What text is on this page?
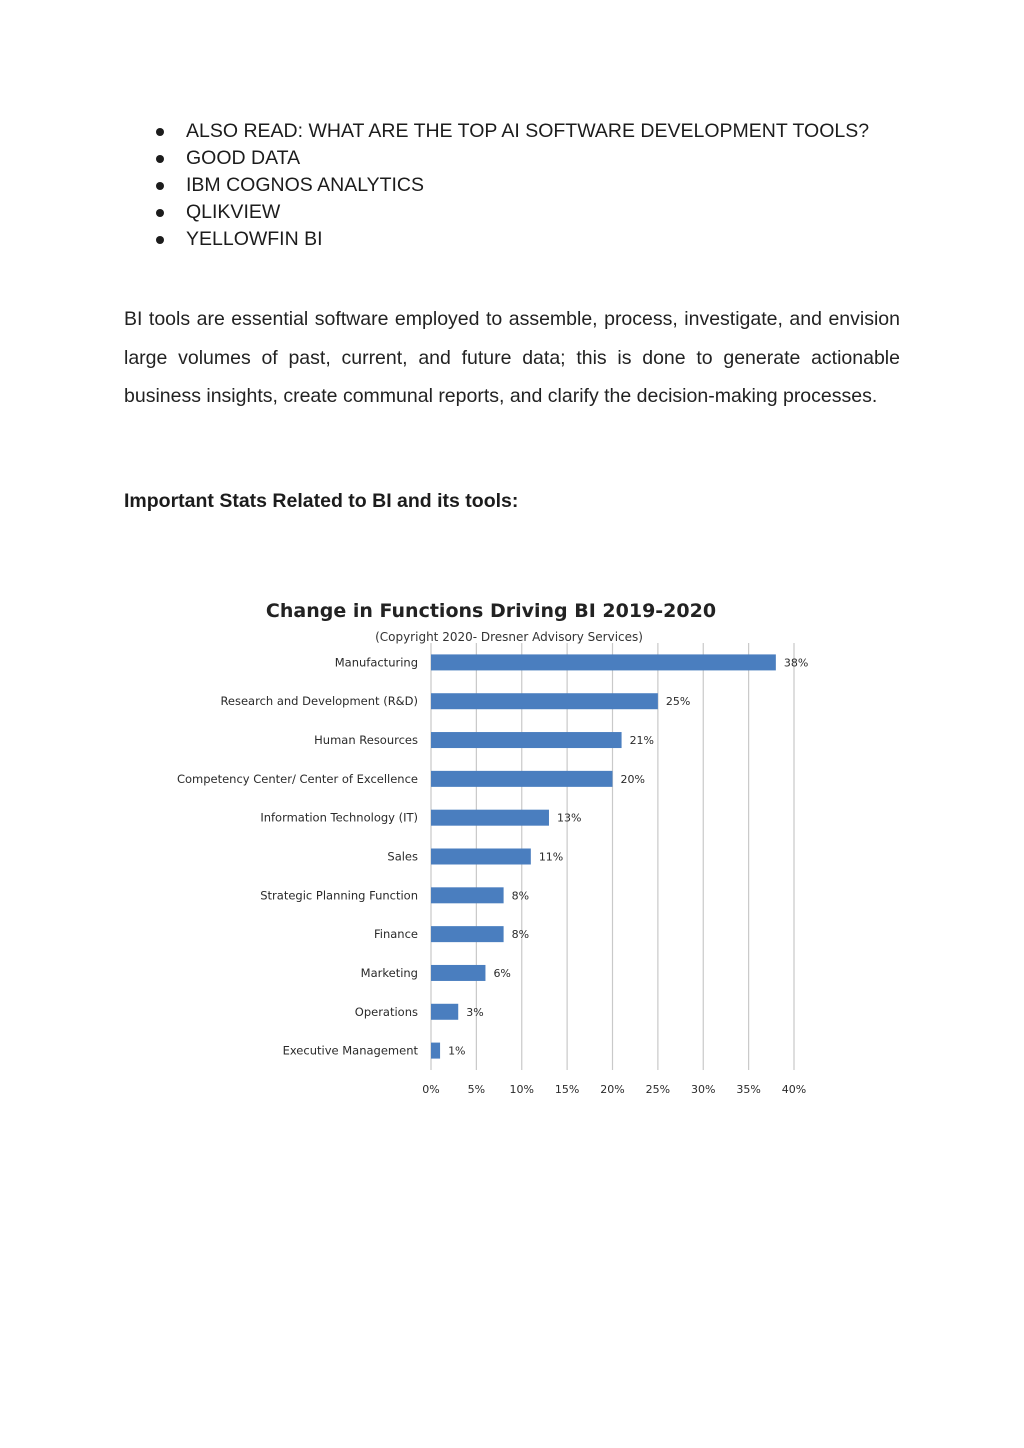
ALSO READ: WHAT ARE THE TOP AI SOFTWARE DEVELOPMENT TOOLS?
GOOD DATA
IBM COGNOS ANALYTICS
QLIKVIEW
YELLOWFIN BI

BI tools are essential software employed to assemble, process, investigate, and envision large volumes of past, current, and future data; this is done to generate actionable business insights, create communal reports, and clarify the decision-making processes.

Important Stats Related to BI and its tools:
Change in Functions Driving BI 2019-2020
(Copyright 2020- Dresner Advisory Services)
Manufacturing
Research and Development (R&D)
Human Resources
Competency Center/ Center of Excellence
Information Technology (IT)
Sales
Strategic Planning Function
Finance
Marketing
Operations
Executive Management
38%
25%
21%
20%
13%
11%
8%
8%
6%
3%
1%
0%	5% 10% 15% 20% 25% 30% 35% 40%
